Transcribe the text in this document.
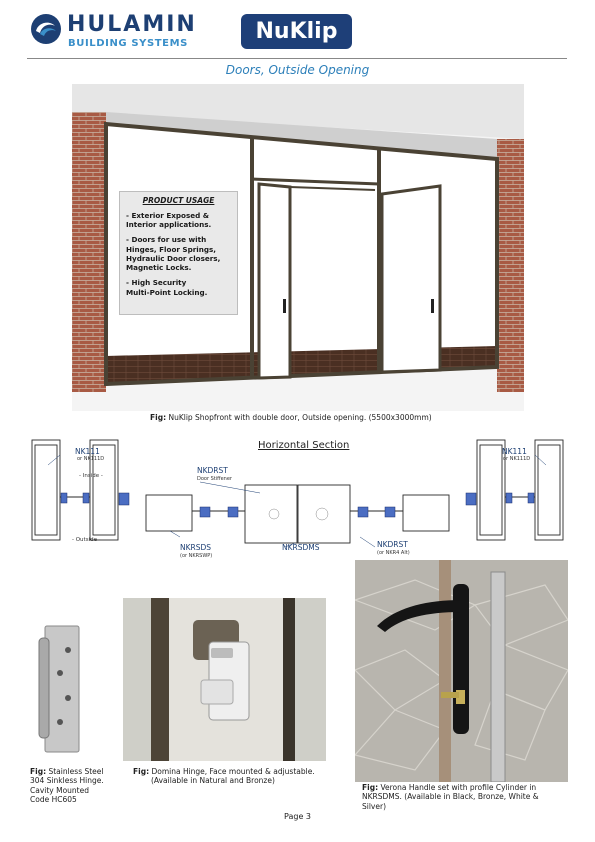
HULAMIN
BUILDING SYSTEMS	NuKlip
Doors, Outside Opening
PRODUCT USAGE
- Exterior Exposed &
Interior applications.
- Doors for use with
Hinges, Floor Springs,
Hydraulic Door closers,
Magnetic Locks.
- High Security
Multi-Point Locking.
Fig: NuKlip Shopfront with double door, Outside opening. (5500x3000mm)
Horizontal Section
NK111
or NK111D
NK111
or NK111D
- Inside -
- Outside -
NKDRST
Door Stiffener
NKRSDS
(or NKRSWP)
NKRSDMS	NKDRST
(or NKR4 Alt)
Fig: Stainless Steel
304 Sinkless Hinge.
Cavity Mounted
Code HC605
Fig: Domina Hinge, Face mounted & adjustable.
(Available in Natural and Bronze)
Fig: Verona Handle set with profile Cylinder in
NKRSDMS. (Available in Black, Bronze, White &
Silver)
Page 3
